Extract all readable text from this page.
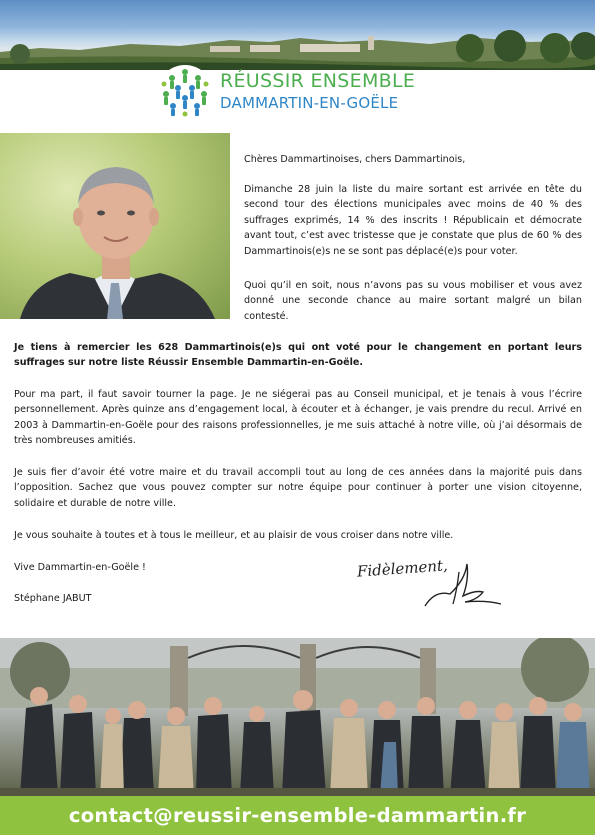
RÉUSSIR ENSEMBLE
DAMMARTIN-EN-GOËLE
Chères Dammartinoises, chers Dammartinois,
Dimanche 28 juin la liste du maire sortant est arrivée en tête du second tour des élections municipales avec moins de 40 % des suffrages exprimés, 14 % des inscrits ! Républicain et démocrate avant tout, c’est avec tristesse que je constate que plus de 60 % des Dammartinois(e)s ne se sont pas déplacé(e)s pour voter.
Quoi qu’il en soit, nous n’avons pas su vous mobiliser et vous avez donné une seconde chance au maire sortant malgré un bilan contesté.
Je tiens à remercier les 628 Dammartinois(e)s qui ont voté pour le changement en portant leurs suffrages sur notre liste Réussir Ensemble Dammartin-en-Goële.
Pour ma part, il faut savoir tourner la page. Je ne siégerai pas au Conseil municipal, et je tenais à vous l’écrire personnellement. Après quinze ans d’engagement local, à écouter et à échanger, je vais prendre du recul. Arrivé en 2003 à Dammartin-en-Goële pour des raisons professionnelles, je me suis attaché à notre ville, où j’ai désormais de très nombreuses amitiés.
Je suis fier d’avoir été votre maire et du travail accompli tout au long de ces années dans la majorité puis dans l’opposition. Sachez que vous pouvez compter sur notre équipe pour continuer à porter une vision citoyenne, solidaire et durable de notre ville.
Je vous souhaite à toutes et à tous le meilleur, et au plaisir de vous croiser dans notre ville.
Vive Dammartin-en-Goële !
Stéphane JABUT
Fidèlement,
contact@reussir-ensemble-dammartin.fr
